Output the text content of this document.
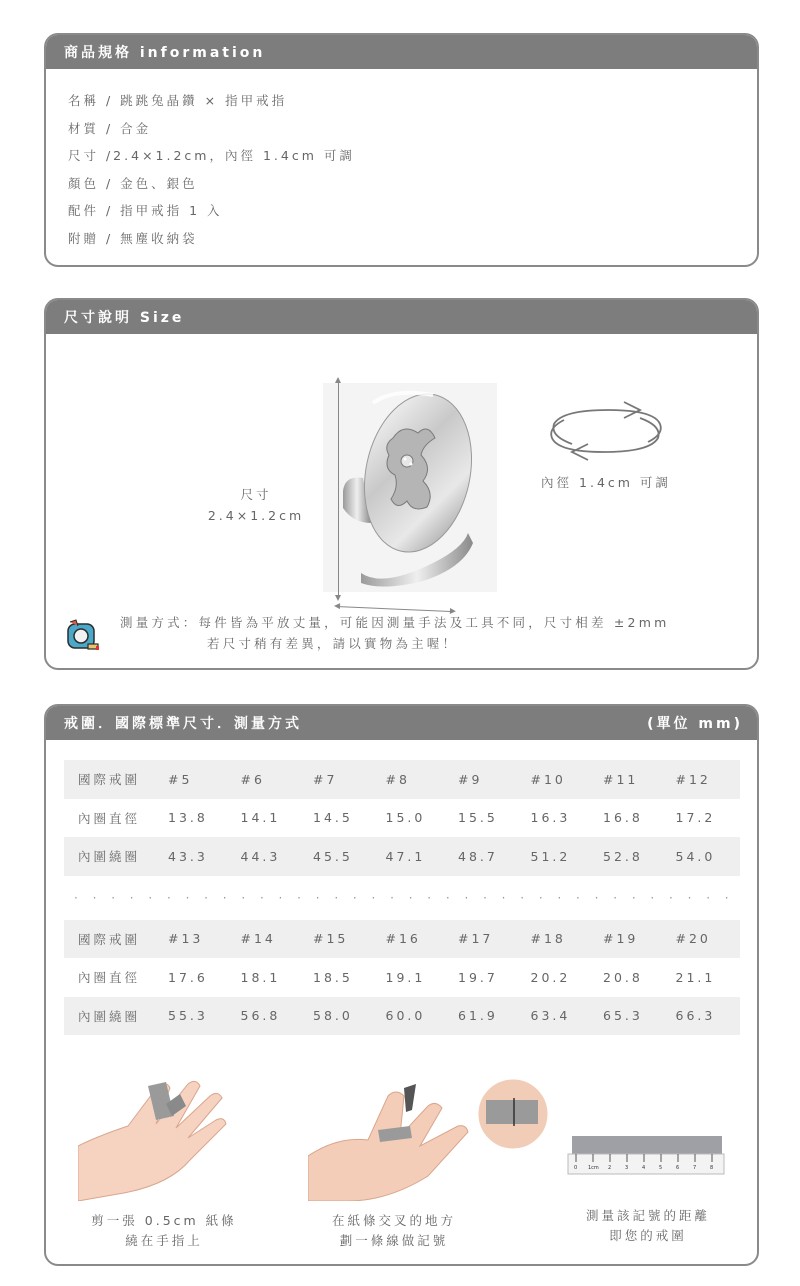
商品規格 information
名稱 / 跳跳兔晶鑽 × 指甲戒指
材質 / 合金
尺寸 /2.4×1.2cm，內徑 1.4cm 可調
顏色 / 金色、銀色
配件 / 指甲戒指 1 入
附贈 / 無塵收納袋
尺寸說明 Size
尺寸
2.4×1.2cm
內徑 1.4cm 可調
測量方式：每件皆為平放丈量，可能因測量手法及工具不同，尺寸相差 ±2mm
若尺寸稍有差異，請以實物為主喔！
戒圍．國際標準尺寸．測量方式	(單位 mm)
國際戒圍	#5	#6	#7	#8	#9	#10	#11	#12
內圈直徑	13.8	14.1	14.5	15.0	15.5	16.3	16.8	17.2
內圍繞圈	43.3	44.3	45.5	47.1	48.7	51.2	52.8	54.0
· · · · · · · · · · · · · · · · · · · · · · · · · · · · · · · · · · · ·
國際戒圍	#13	#14	#15	#16	#17	#18	#19	#20
內圈直徑	17.6	18.1	18.5	19.1	19.7	20.2	20.8	21.1
內圍繞圈	55.3	56.8	58.0	60.0	61.9	63.4	65.3	66.3
0 1cm 2	3	4	5	6	7	8
剪一張 0.5cm 紙條
繞在手指上
在紙條交叉的地方
劃一條線做記號
測量該記號的距離
即您的戒圍
